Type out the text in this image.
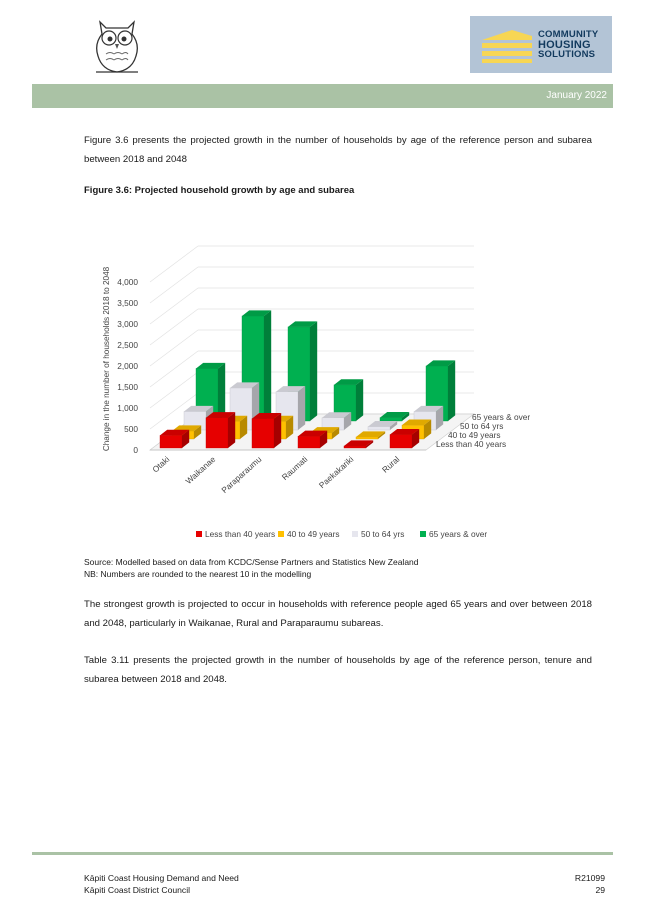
COMMUNITY
HOUSING
SOLUTIONS
January 2022
Figure 3.6 presents the projected growth in the number of households by age of the reference person and subarea between 2018 and 2048
Figure 3.6: Projected household growth by age and subarea
0
500
1,000
1,500
2,000
2,500
3,000
3,500
4,000
Otaki Waikanae Paraparaumu Raumati Paekakariki	Rural
Less than 40 years
40 to 49 years
50 to 64 yrs
65 years & over
Less than 40 years 40 to 49 years	50 to 64 yrs	65 years & over
Change in the number of households 2018 to 2048
Source: Modelled based on data from KCDC/Sense Partners and Statistics New Zealand
NB: Numbers are rounded to the nearest 10 in the modelling
The strongest growth is projected to occur in households with reference people aged 65 years and over between 2018 and 2048, particularly in Waikanae, Rural and Paraparaumu subareas.
Table 3.11 presents the projected growth in the number of households by age of the reference person, tenure and subarea between 2018 and 2048.
Kāpiti Coast Housing Demand and Need
Kāpiti Coast District Council
R21099
29
